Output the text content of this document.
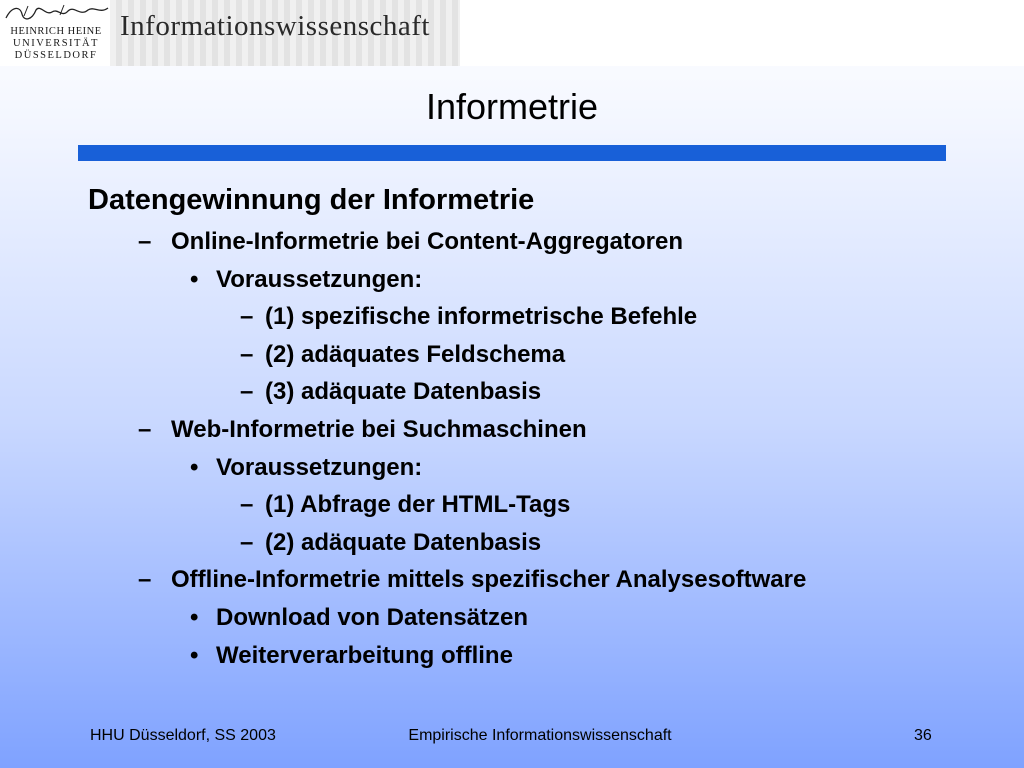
HEINRICH HEINE
UNIVERSITÄT
DÜSSELDORF
Informationswissenschaft
Informetrie
Datengewinnung der Informetrie
– Online-Informetrie bei Content-Aggregatoren
• Voraussetzungen:
– (1) spezifische informetrische Befehle
– (2) adäquates Feldschema
– (3) adäquate Datenbasis
– Web-Informetrie bei Suchmaschinen
• Voraussetzungen:
– (1) Abfrage der HTML-Tags
– (2) adäquate Datenbasis
– Offline-Informetrie mittels spezifischer Analysesoftware
• Download von Datensätzen
• Weiterverarbeitung offline
HHU Düsseldorf, SS 2003	Empirische Informationswissenschaft	36
